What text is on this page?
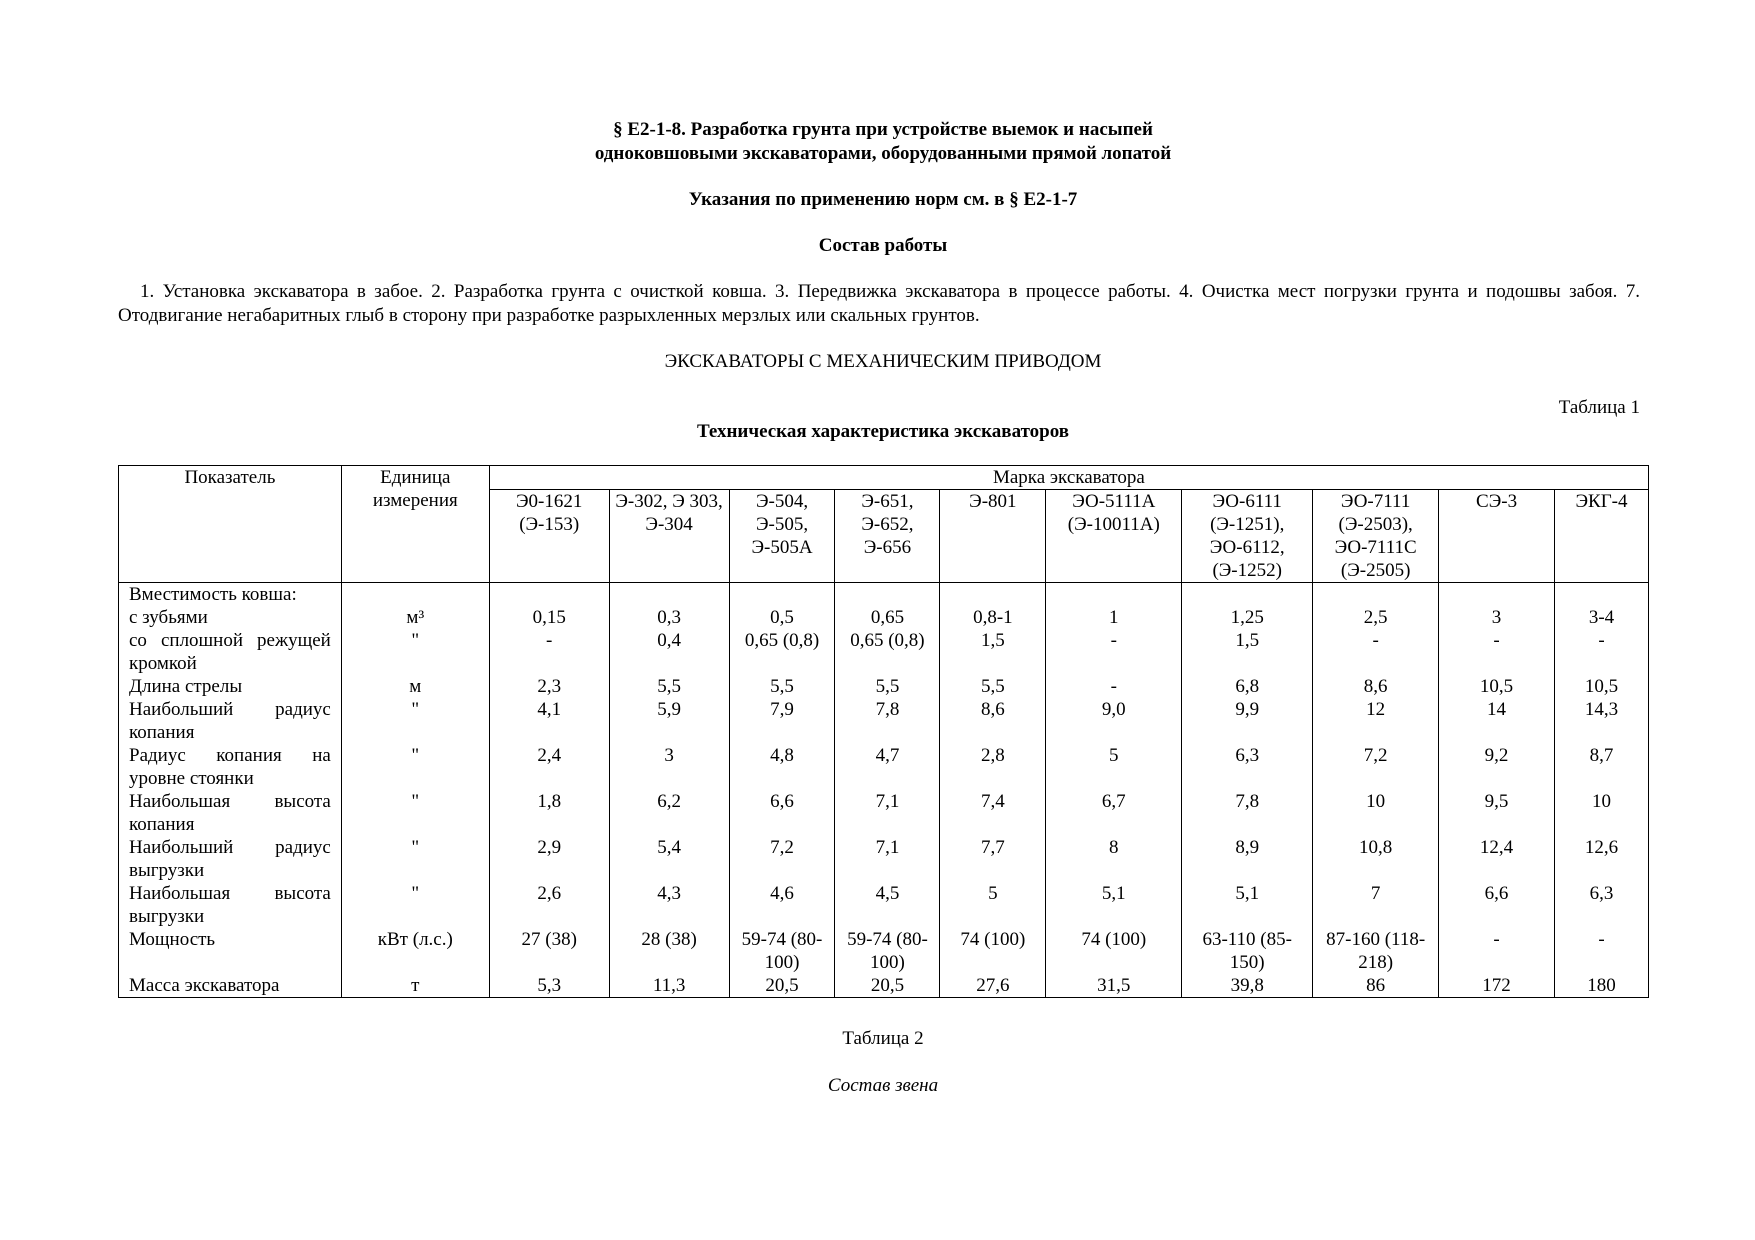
§ Е2-1-8. Разработка грунта при устройстве выемок и насыпей
одноковшовыми экскаваторами, оборудованными прямой лопатой
Указания по применению норм см. в § Е2-1-7
Состав работы
1. Установка экскаватора в забое. 2. Разработка грунта с очисткой ковша. 3. Передвижка экскаватора в процессе работы. 4. Очистка мест погрузки грунта и подошвы забоя. 7. Отодвигание негабаритных глыб в сторону при разработке разрыхленных мерзлых или скальных грунтов.
ЭКСКАВАТОРЫ С МЕХАНИЧЕСКИМ ПРИВОДОМ
Таблица 1
Техническая характеристика экскаваторов
Показатель	Единица измерения	Марка экскаватора									
		Э0-1621 (Э-153)	Э-302, Э 303, Э-304	Э-504, Э-505, Э-505А	Э-651, Э-652, Э-656	Э-801	ЭО-5111А (Э-10011А)	ЭО-6111 (Э-1251), ЭО-6112, (Э-1252)	ЭО-7111 (Э-2503), ЭО-7111С (Э-2505)	СЭ-3	ЭКГ-4
Вместимость ковша:											
с зубьями	м³	0,15	0,3	0,5	0,65	0,8-1	1	1,25	2,5	3	3-4
со сплошной режущей кромкой	"	-	0,4	0,65 (0,8)	0,65 (0,8)	1,5	-	1,5	-	-	-
Длина стрелы	м	2,3	5,5	5,5	5,5	5,5	-	6,8	8,6	10,5	10,5
Наибольший радиус копания	"	4,1	5,9	7,9	7,8	8,6	9,0	9,9	12	14	14,3
Радиус копания на уровне стоянки	"	2,4	3	4,8	4,7	2,8	5	6,3	7,2	9,2	8,7
Наибольшая высота копания	"	1,8	6,2	6,6	7,1	7,4	6,7	7,8	10	9,5	10
Наибольший радиус выгрузки	"	2,9	5,4	7,2	7,1	7,7	8	8,9	10,8	12,4	12,6
Наибольшая высота выгрузки	"	2,6	4,3	4,6	4,5	5	5,1	5,1	7	6,6	6,3
Мощность	кВт (л.с.)	27 (38)	28 (38)	59-74 (80-100)	59-74 (80-100)	74 (100)	74 (100)	63-110 (85-150)	87-160 (118-218)	-	-
Масса экскаватора	т	5,3	11,3	20,5	20,5	27,6	31,5	39,8	86	172	180
Таблица 2
Состав звена
